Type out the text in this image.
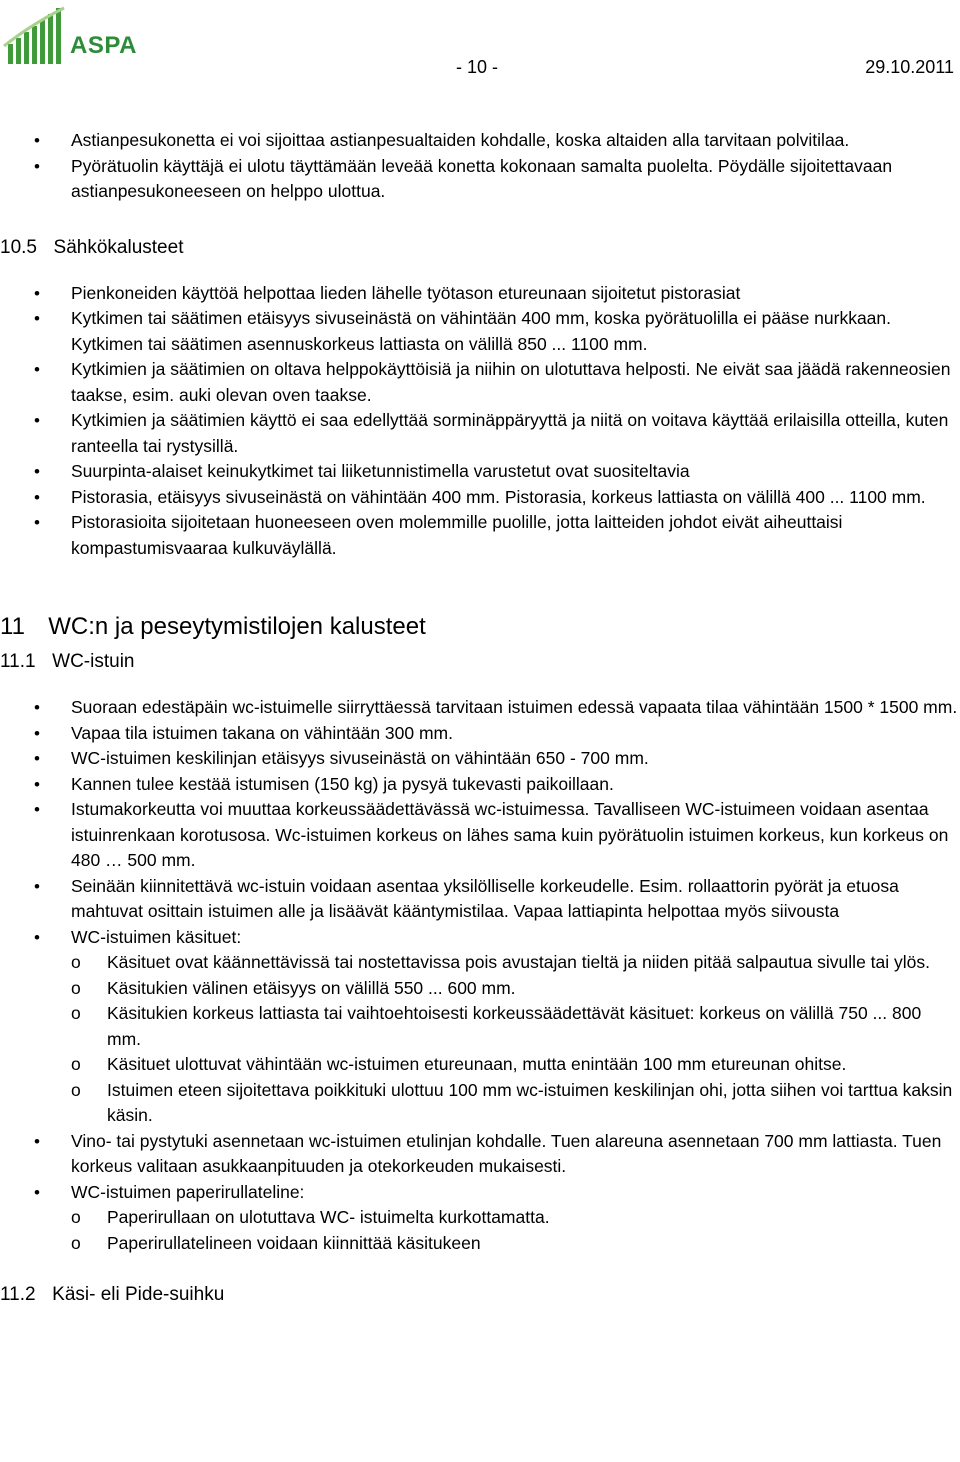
ASPA
- 10 -	29.10.2011
• Astianpesukonetta ei voi sijoittaa astianpesualtaiden kohdalle, koska altaiden alla tarvitaan polvitilaa.
• Pyörätuolin käyttäjä ei ulotu täyttämään leveää konetta kokonaan samalta puolelta. Pöydälle sijoitettavaan astianpesukoneeseen on helppo ulottua.
10.5 Sähkökalusteet
• Pienkoneiden käyttöä helpottaa lieden lähelle työtason etureunaan sijoitetut pistorasiat
• Kytkimen tai säätimen etäisyys sivuseinästä on vähintään 400 mm, koska pyörätuolilla ei pääse nurkkaan. Kytkimen tai säätimen asennuskorkeus lattiasta on välillä 850 ... 1100 mm.
• Kytkimien ja säätimien on oltava helppokäyttöisiä ja niihin on ulotuttava helposti. Ne eivät saa jäädä rakenneosien taakse, esim. auki olevan oven taakse.
• Kytkimien ja säätimien käyttö ei saa edellyttää sorminäppäryyttä ja niitä on voitava käyttää erilaisilla otteilla, kuten ranteella tai rystysillä.
• Suurpinta-alaiset keinukytkimet tai liiketunnistimella varustetut ovat suositeltavia
• Pistorasia, etäisyys sivuseinästä on vähintään 400 mm. Pistorasia, korkeus lattiasta on välillä 400 ... 1100 mm.
• Pistorasioita sijoitetaan huoneeseen oven molemmille puolille, jotta laitteiden johdot eivät aiheuttaisi kompastumisvaaraa kulkuväylällä.
11 WC:n ja peseytymistilojen kalusteet
11.1 WC-istuin
• Suoraan edestäpäin wc-istuimelle siirryttäessä tarvitaan istuimen edessä vapaata tilaa vähintään 1500 * 1500 mm.
• Vapaa tila istuimen takana on vähintään 300 mm.
• WC-istuimen keskilinjan etäisyys sivuseinästä on vähintään 650 - 700 mm.
• Kannen tulee kestää istumisen (150 kg) ja pysyä tukevasti paikoillaan.
• Istumakorkeutta voi muuttaa korkeussäädettävässä wc-istuimessa. Tavalliseen WC-istuimeen voidaan asentaa istuinrenkaan korotusosa. Wc-istuimen korkeus on lähes sama kuin pyörätuolin istuimen korkeus, kun korkeus on 480 … 500 mm.
• Seinään kiinnitettävä wc-istuin voidaan asentaa yksilölliselle korkeudelle. Esim. rollaattorin pyörät ja etuosa mahtuvat osittain istuimen alle ja lisäävät kääntymistilaa. Vapaa lattiapinta helpottaa myös siivousta
• WC-istuimen käsituet:
o Käsituet ovat käännettävissä tai nostettavissa pois avustajan tieltä ja niiden pitää salpautua sivulle tai ylös.
o Käsitukien välinen etäisyys on välillä 550 ... 600 mm.
o Käsitukien korkeus lattiasta tai vaihtoehtoisesti korkeussäädettävät käsituet: korkeus on välillä 750 ... 800 mm.
o Käsituet ulottuvat vähintään wc-istuimen etureunaan, mutta enintään 100 mm etureunan ohitse.
o Istuimen eteen sijoitettava poikkituki ulottuu 100 mm wc-istuimen keskilinjan ohi, jotta siihen voi tarttua kaksin käsin.
• Vino- tai pystytuki asennetaan wc-istuimen etulinjan kohdalle. Tuen alareuna asennetaan 700 mm lattiasta. Tuen korkeus valitaan asukkaanpituuden ja otekorkeuden mukaisesti.
• WC-istuimen paperirullateline:
o Paperirullaan on ulotuttava WC- istuimelta kurkottamatta.
o Paperirullatelineen voidaan kiinnittää käsitukeen
11.2 Käsi- eli Pide-suihku
